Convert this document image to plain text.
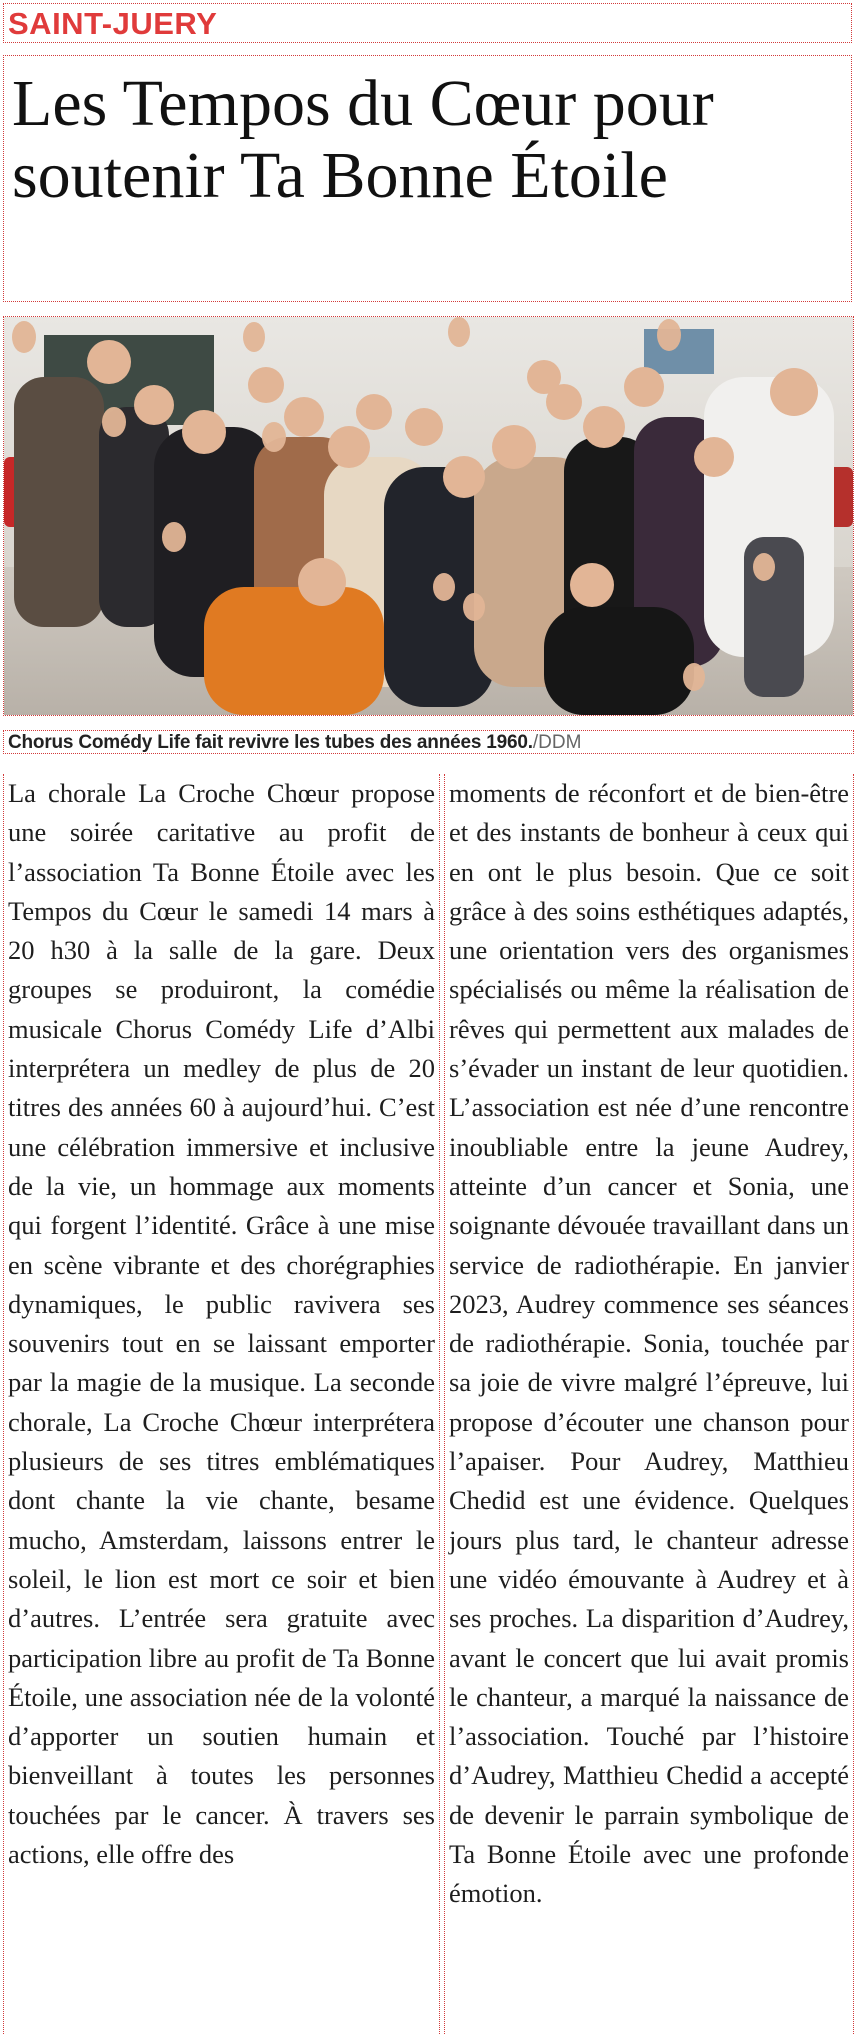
SAINT-JUERY
Les Tempos du Cœur pour soutenir Ta Bonne Étoile
Chorus Comédy Life fait revivre les tubes des années 1960./DDM

La chorale La Croche Chœur propose une soirée caritative au profit de l’association Ta Bonne Étoile avec les Tempos du Cœur le samedi 14 mars à 20 h30 à la salle de la gare. Deux groupes se produiront, la comédie musicale Chorus Comédy Life d’Albi interprétera un medley de plus de 20 titres des années 60 à aujourd’hui. C’est une célébration immersive et inclusive de la vie, un hommage aux moments qui forgent l’identité. Grâce à une mise en scène vibrante et des chorégraphies dynamiques, le public ravivera ses souvenirs tout en se laissant emporter par la magie de la musique. La seconde chorale, La Croche Chœur interprétera plusieurs de ses titres emblématiques dont chante la vie chante, besame mucho, Amsterdam, laissons entrer le soleil, le lion est mort ce soir et bien d’autres. L’entrée sera gratuite avec participation libre au profit de Ta Bonne Étoile, une association née de la volonté d’apporter un soutien humain et bienveillant à toutes les personnes touchées par le cancer. À travers ses actions, elle offre des

moments de réconfort et de bien-être et des instants de bonheur à ceux qui en ont le plus besoin. Que ce soit grâce à des soins esthétiques adaptés, une orientation vers des organismes spécialisés ou même la réalisation de rêves qui permettent aux malades de s’évader un instant de leur quotidien. L’association est née d’une rencontre inoubliable entre la jeune Audrey, atteinte d’un cancer et Sonia, une soignante dévouée travaillant dans un service de radiothérapie. En janvier 2023, Audrey commence ses séances de radiothérapie. Sonia, touchée par sa joie de vivre malgré l’épreuve, lui propose d’écouter une chanson pour l’apaiser. Pour Audrey, Matthieu Chedid est une évidence. Quelques jours plus tard, le chanteur adresse une vidéo émouvante à Audrey et à ses proches. La disparition d’Audrey, avant le concert que lui avait promis le chanteur, a marqué la naissance de l’association. Touché par l’histoire d’Audrey, Matthieu Chedid a accepté de devenir le parrain symbolique de Ta Bonne Étoile avec une profonde émotion.
